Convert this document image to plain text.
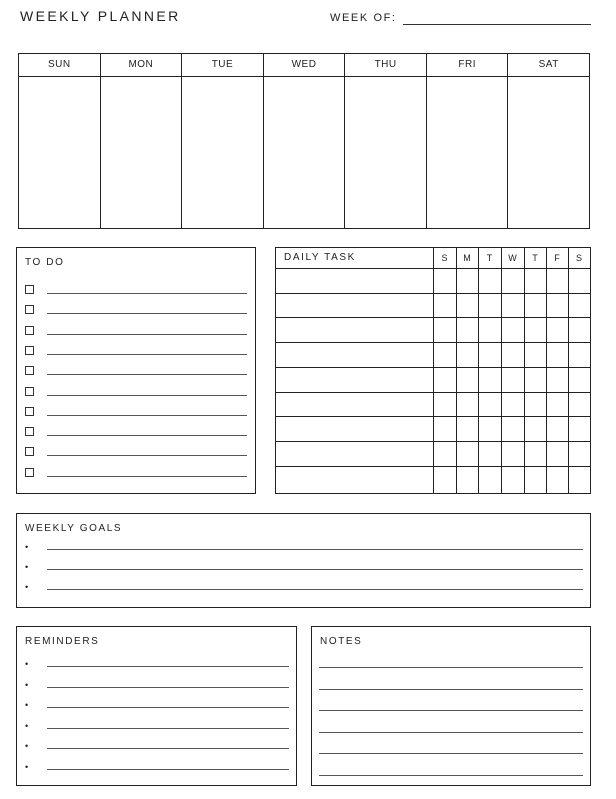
WEEKLY PLANNER	WEEK OF:
SUN	MON	TUE	WED	THU	FRI	SAT
TO DO	DAILY TASK	S	M	T	W	T	F	S
WEEKLY GOALS
•
•
•
REMINDERS
•
•
•
•
•
•
NOTES
